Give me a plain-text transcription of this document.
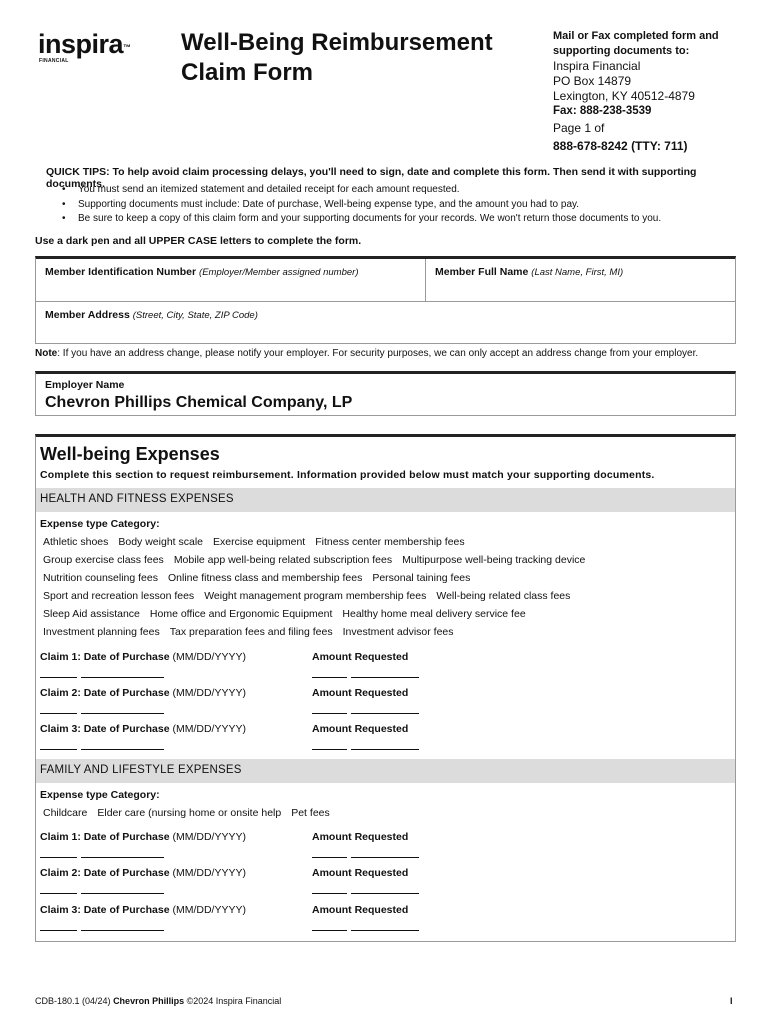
inspira™
FINANCIAL
Well-Being Reimbursement
Claim Form
Mail or Fax completed form and
supporting documents to:
Inspira Financial
PO Box 14879
Lexington, KY 40512-4879
Fax: 888-238-3539
Page 1 of
888-678-8242 (TTY: 711)
QUICK TIPS: To help avoid claim processing delays, you'll need to sign, date and complete this form. Then send it with supporting documents.
• You must send an itemized statement and detailed receipt for each amount requested.
• Supporting documents must include: Date of purchase, Well-being expense type, and the amount you had to pay.
• Be sure to keep a copy of this claim form and your supporting documents for your records. We won't return those documents to you.
Use a dark pen and all UPPER CASE letters to complete the form.
Member Identification Number (Employer/Member assigned number)	Member Full Name (Last Name, First, MI)
Member Address (Street, City, State, ZIP Code)
Note: If you have an address change, please notify your employer. For security purposes, we can only accept an address change from your employer.
Employer Name
Chevron Phillips Chemical Company, LP
Well-being Expenses
Complete this section to request reimbursement. Information provided below must match your supporting documents.
HEALTH AND FITNESS EXPENSES
Expense type Category:
Athletic shoes Body weight scale Exercise equipment Fitness center membership fees
Group exercise class fees Mobile app well-being related subscription fees Multipurpose well-being tracking device
Nutrition counseling fees Online fitness class and membership fees Personal taining fees
Sport and recreation lesson fees Weight management program membership fees Well-being related class fees
Sleep Aid assistance Home office and Ergonomic Equipment Healthy home meal delivery service fee
Investment planning fees Tax preparation fees and filing fees Investment advisor fees
Claim 1: Date of Purchase (MM/DD/YYYY)	Amount Requested
Claim 2: Date of Purchase (MM/DD/YYYY)	Amount Requested
Claim 3: Date of Purchase (MM/DD/YYYY)	Amount Requested
FAMILY AND LIFESTYLE EXPENSES
Expense type Category:
Childcare Elder care (nursing home or onsite help Pet fees
Claim 1: Date of Purchase (MM/DD/YYYY)	Amount Requested
Claim 2: Date of Purchase (MM/DD/YYYY)	Amount Requested
Claim 3: Date of Purchase (MM/DD/YYYY)	Amount Requested
CDB-180.1 (04/24) Chevron Phillips ©2024 Inspira Financial	I
